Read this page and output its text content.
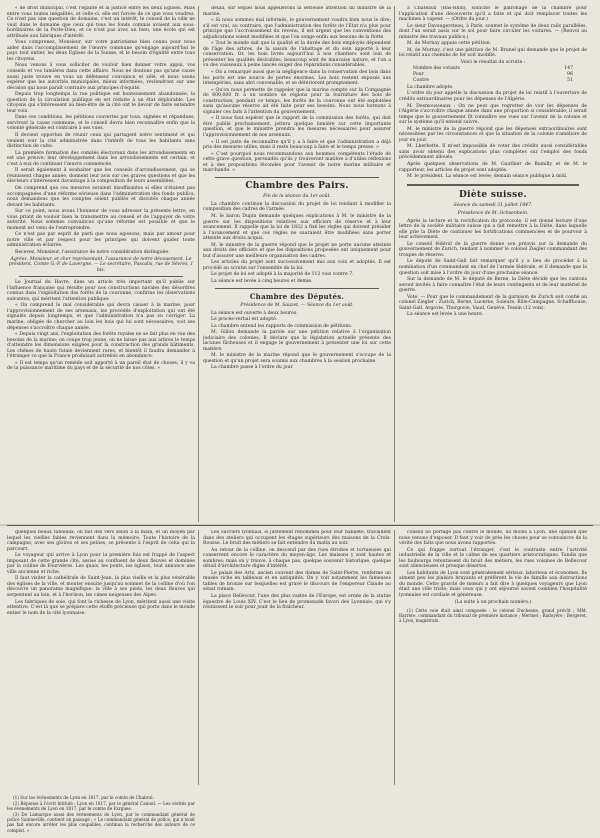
« de droit municipal, c'est l'égalité et la justice entre les deux Eglises. Mais entre vous toutes inégalités, et celle-ci, elle est forcée de ce que vous voudrez. Ce n'est pas une question de domaine, c'est un intérêt, le conseil de la ville ne veut dans le domaine que ceux qui tous les fonds commis avaient aux sous-bordinaires de la Porte-Dieu, et ce n'est pas avec un bien, une école qui est attribuée aux fabriques d'intérêt.

Vous comprenez, Monsieur, sur votre patriotisme bien connu pour nous aider dans l'accomplissement de l'œuvre commune qu'engage aujourd'hui le pays tout entier, les deux Églises de la Suisse, et le besoin d'égalité entre tous les citoyens.

Nous venons à vous solliciter de vouloir bien donner votre appui, vos conseils et vos lumières dans cette affaire. Nous ne doutons pas qu'une cause aussi juste trouve en vous un défenseur convaincu et zélé, et nous osons espérer que les autorités municipales, mieux informées, reviendront sur une décision qui nous paraît contraire aux principes d'équité.

Depuis trop longtemps la rue politique est honteusement abandonnée; la question de la circulation publique en est réduite à un état déplorable. Les citoyens qui s'intéressent au bien-être de la cité ont le devoir de faire entendre leur voix.

Dans ces conditions, les pétitions couvertes par tous, signées et répandues, serviront la cause commune, et le conseil devra bien reconnaître enfin que la volonté générale est contraire à ses vues.

Il devient opportun de réunir ceux qui partagent notre sentiment et qui veulent voir la cité administrée dans l'intérêt de tous les habitants sans distinction de culte.

La première formation des comités électoraux dans les arrondissements en est une preuve; leur développement dans les arrondissements est certain, et c'est à eux de continuer l'œuvre commencée.

Il serait également à souhaiter que les conseils d'arrondissement, qui se réunissent chaque année, donnent leur avis sur ces graves questions et que les électeurs s'intéressent davantage à la composition de leurs assemblées.

On comprend que ces mesures seraient insuffisantes si elles n'étaient pas accompagnées d'une réforme sérieuse dans l'administration des fonds publics; nous demandons que les comptes soient publiés et discutés chaque année devant les habitants.

Sur ce point, nous avons l'honneur de vous adresser la présente lettre, en vous priant de vouloir bien la transmettre au conseil et de l'appuyer de votre autorité. Nous sommes convaincus qu'une réforme est possible et que le moment est venu de l'entreprendre.

Ce n'est pas par esprit de parti que nous agissons, mais par amour pour notre ville et par respect pour les principes qui doivent guider toute administration éclairée.

Recevez, Monsieur, l'assurance de notre considération distinguée.

Agréez, Monsieur, et cher représentant, l'assurance de notre dévouement. Le président, Comte G.-P. de Lavergne. — Le secrétaire, Pascalis, rue de Sèvres, 1 bis.

Le Journal du Havre, dans un article très important qu'il publie sur l'influence française qui résulte pour nos constructions navales des désordres connus dans l'exploitation des forêts de la couronne, confirme les observations suivantes, qui méritent l'attention publique:

« On comprend le mal considérable qui devra causer à la marine, pour l'approvisionnement de ses arsenaux, les procédés d'exploitation qui ont été signalés depuis longtemps, et que l'administration n'a pas su corriger. La marine, obligée de chercher au loin les bois qui lui sont nécessaires, voit ses dépenses s'accroître chaque année.

« Depuis vingt ans, l'exploitation des forêts royales ne se fait plus en vue des besoins de la marine; on coupe trop jeune, on ne laisse pas aux arbres le temps d'atteindre les dimensions exigées pour la construction des grands bâtiments. Les chênes de haute futaie deviennent rares, et bientôt il faudra demander à l'étranger ce que la France produisait autrefois en abondance.

« Il est temps qu'un remède soit apporté à un pareil état de choses; il y va de la puissance maritime du pays et de la sécurité de nos côtes. »

détail, sur lequel nous appellerons la sérieuse attention du ministre de la marine.

« Si nous sommes mal informés, le gouvernement voudra bien nous le dire; s'il est vrai, au contraire, que l'administration des forêts de l'Etat n'a plus pour principe que l'accroissement du revenu, il est urgent que les conventions des adjudications soient modifiées et que l'on songe enfin aux besoins de la flotte.

« Tout le monde sait que la qualité et la durée des bois employés dépendent de l'âge des arbres, de la saison de l'abattage et du soin apporté à leur conservation. Or, les bois livrés aujourd'hui à nos chantiers sont loin de présenter les qualités désirables; beaucoup sont de mauvaise nature, et l'on a vu des vaisseaux à peine lancés exiger des réparations considérables.

« On a remarqué aussi que la négligence dans la conservation des bois dans les ports est une source de pertes énormes. Les bois restent exposés aux intempéries, sans abri convenable, et se détériorent promptement.

« Qu'on nous permette de rappeler que la marine compte sur la Compagnie de 600,000 fr. à un nombre de régions pour la fourniture des bois de construction; pendant ce temps, les forêts de la couronne ont été exploitées sans qu'aucune réserve ait été faite pour ses besoins. Nous nous bornons à signaler ces faits à l'attention du gouvernement.

« Il nous faut espérer que le rapport de la commission des forêts, qui doit être publié prochainement, jettera quelque lumière sur cette importante question, et que le ministre prendra les mesures nécessaires pour assurer l'approvisionnement de nos arsenaux.

« Il est juste de reconnaître qu'il y a à faire et que l'administration a déjà pris des mesures utiles; mais il reste beaucoup à faire et le temps presse. »

« C'est pourquoi nous recommandons aux hommes compétents l'étude de cette grave question, persuadés qu'ils y trouveront matière à d'utiles réflexions et à des propositions fécondes pour l'avenir de notre marine militaire et marchande. »

Chambre des Pairs.

Fin de la séance du 1er août.

La chambre continue la discussion du projet de loi tendant à modifier la composition des cadres de l'armée.

M. le baron Dupin demande quelques explications à M. le ministre de la guerre sur les dispositions relatives aux officiers de réserve et à leur avancement. Il rappelle que la loi de 1832 a fixé les règles qui doivent présider à l'avancement et que ces règles ne sauraient être modifiées sans porter atteinte aux droits acquis.

M. le ministre de la guerre répond que le projet ne porte aucune atteinte aux droits des officiers et que les dispositions proposées ont uniquement pour but d'assurer une meilleure organisation des cadres.

Les articles du projet sont successivement mis aux voix et adoptés. Il est procédé au scrutin sur l'ensemble de la loi.

Le projet de loi est adopté à la majorité de 112 voix contre 7.

La séance est levée à cinq heures et demie.

Chambre des Députés.

Présidence de M. Sauzet. — Séance du 1er août.

La séance est ouverte à deux heures.

Le procès-verbal est adopté.

La chambre entend les rapports de commission de pétitions.

M. Gillon demande la parole sur une pétition relative à l'organisation judiciaire des colonies. Il déclare que la législation actuelle présente des lacunes fâcheuses et il engage le gouvernement à présenter une loi sur cette matière.

M. le ministre de la marine répond que le gouvernement s'occupe de la question et qu'un projet sera soumis aux chambres à la session prochaine.

La chambre passe à l'ordre du jour.

à Chateaux (Bas-Rhin), sollicite le patronage de la chambre pour l'application d'une découverte qu'il a faite et qui doit remplacer toutes les machines à vapeur. — (Ordre du jour.)

Le sieur Davaugersteau, à Paris, soumet le système de deux rails parallèles, dont l'un serait assis sur le sol pour faire circuler les voitures. — (Renvoi au ministre des travaux publics.)

M. de Mornay appuie cette pétition.

M. de Mornay, c'est une pétition de M. Brunel qui demande que le projet de loi relatif aux chemins de fer soit modifié.

Voici le résultat du scrutin :

Nombre des votants	147
Pour	96
Contre	51

La chambre adopte.

L'ordre du jour appelle la discussion du projet de loi relatif à l'ouverture de crédits extraordinaires pour les dépenses de l'Algérie.

M. Desmousseaux : On ne peut que regretter de voir les dépenses de l'Algérie s'accroître chaque année dans une proportion si considérable; il serait temps que le gouvernement fît connaître ses vues sur l'avenir de la colonie et sur le système qu'il entend suivre.

M. le ministre de la guerre répond que les dépenses extraordinaires sont nécessitées par les circonstances et que la situation de la colonie s'améliore de jour en jour.

M. Lherbette. Il m'est impossible de voter des crédits aussi considérables sans avoir obtenu des explications plus complètes sur l'emploi des fonds précédemment alloués.

Après quelques observations de M. Gauthier de Rumilly et de M. le rapporteur, les articles du projet sont adoptés.

M. le président. La séance est levée; demain séance publique à midi.

Diète suisse.

Séance du samedi 31 juillet 1847.

Présidence de M. Ochsenbein.

Après la lecture et la rectification du protocole, il est donné lecture d'une lettre de la société militaire suisse qui a fait remettre à la Diète, dans laquelle elle prie la Diète de continuer les fortifications commencées et de pourvoir à leur achèvement.

Le conseil fédéral de la guerre donne son préavis sur la demande du gouvernement de Zurich, tendant à nommer le colonel Ziegler commandant des troupes de réserve.

Le député de Saint-Gall fait remarquer qu'il y a lieu de procéder à la nomination d'un commandant en chef de l'armée fédérale, et il demande que la question soit mise à l'ordre du jour d'une prochaine séance.

Sur la demande de M. le député de Berne, la Diète décide que les cantons seront invités à faire connaître l'état de leurs contingents et de leur matériel de guerre.

Vote. — Pour que le commandement de la garnison de Zurich soit confié au colonel Ziegler : Zurich, Berne, Lucerne, Soleure, Bâle-Campagne, Schaffhouse, Saint-Gall, Argovie, Thurgovie, Vaud, Genève, Tessin (12 voix).

La séance est levée à une heure.

quelques beaux tableaux, on fait des vers selon à la main, et un moyen par lequel les vieilles fables reviennent dans la mémoire. Toute l'histoire de la campagne, avec ses gloires et ses peines, se présente à l'esprit de celui qui la parcourt.

Le voyageur qui arrive à Lyon pour la première fois est frappé de l'aspect imposant de cette grande cité, assise au confluent de deux fleuves et dominée par la colline de Fourvières. Les quais, les ponts, les églises, tout annonce une ville ancienne et riche.

Il faut visiter la cathédrale de Saint-Jean, la plus vieille et la plus vénérable des églises de la ville, et monter ensuite jusqu'au sommet de la colline d'où l'on découvre un panorama magnifique: la ville à ses pieds, les deux fleuves qui serpentent au loin, et à l'horizon, les cimes neigeuses des Alpes.

Les fabriques de soie, qui font la richesse de Lyon, méritent aussi une visite attentive. C'est là que se prépare cette étoffe précieuse qui porte dans le monde entier le nom de la cité lyonnaise.

Les ouvriers lyonnais, si justement renommés pour leur habileté, travaillent dans des ateliers qui occupent les étages supérieurs des maisons de la Croix-Rousse. Le bruit des métiers se fait entendre du matin au soir.

Au retour de la colline, on descend par des rues étroites et tortueuses qui conservent encore le caractère du moyen-âge. Les maisons y sont hautes et sombres; mais on y trouve, à chaque pas, quelque souvenir historique, quelque détail d'architecture digne d'intérêt.

Le palais des Arts, ancien couvent des dames de Saint-Pierre, renferme un musée riche en tableaux et en antiquités. On y voit notamment les fameuses tables de bronze sur lesquelles est gravé le discours de l'empereur Claude au sénat romain.

La place Bellecour, l'une des plus vastes de l'Europe, est ornée de la statue équestre de Louis XIV. C'est le lieu de promenade favori des Lyonnais, qui s'y réunissent le soir pour jouir de la fraîcheur.

conseil ne portage pas contre le monde, au moins à Lyon, une opinion que nous venons d'exposer. Il faut y voir de près les choses pour se convaincre de la vérité des faits que nous avons rapportés.

Ce qui frappe surtout l'étranger, c'est le contraste entre l'activité industrielle de la ville et le calme de ses quartiers aristocratiques. Tandis que les faubourgs retentissent du bruit des métiers, les rues voisines de Bellecour sont silencieuses et presque désertes.

Les habitants de Lyon sont généralement sérieux, laborieux et économes. Ils aiment peu les plaisirs bruyants et préfèrent la vie de famille aux distractions du monde. Cette gravité de mœurs a fait dire à quelques voyageurs que Lyon était une ville triste; mais ceux qui y ont séjourné savent combien l'hospitalité lyonnaise est cordiale et généreuse.

(La suite à un prochain numéro.)

(1) Cette voie était ainsi composée : le colonel Duchesne, grand prévôt ; MM. Barrère, commandant du tribunal de première instance ; Mermet ; Badoyère ; Bergeret, à Lyon, magistrats.

(1) Sur les événements de Lyon en 1817, par le comte de Chabrol.

(2) Réponse à l'écrit intitulé : Lyon en 1817, par le général Canuel. — Les vérités par les événements de Lyon en 1817, par le comte de Fargues.

(3) De Lamarque aussi des événements de Lyon, par le commandant général de police Sainneville, contient un passage ; « Le commandant général de police, qui n'avait pas fait encore arrêter les plus coupables, continua la recherche des auteurs de ce complot. »
